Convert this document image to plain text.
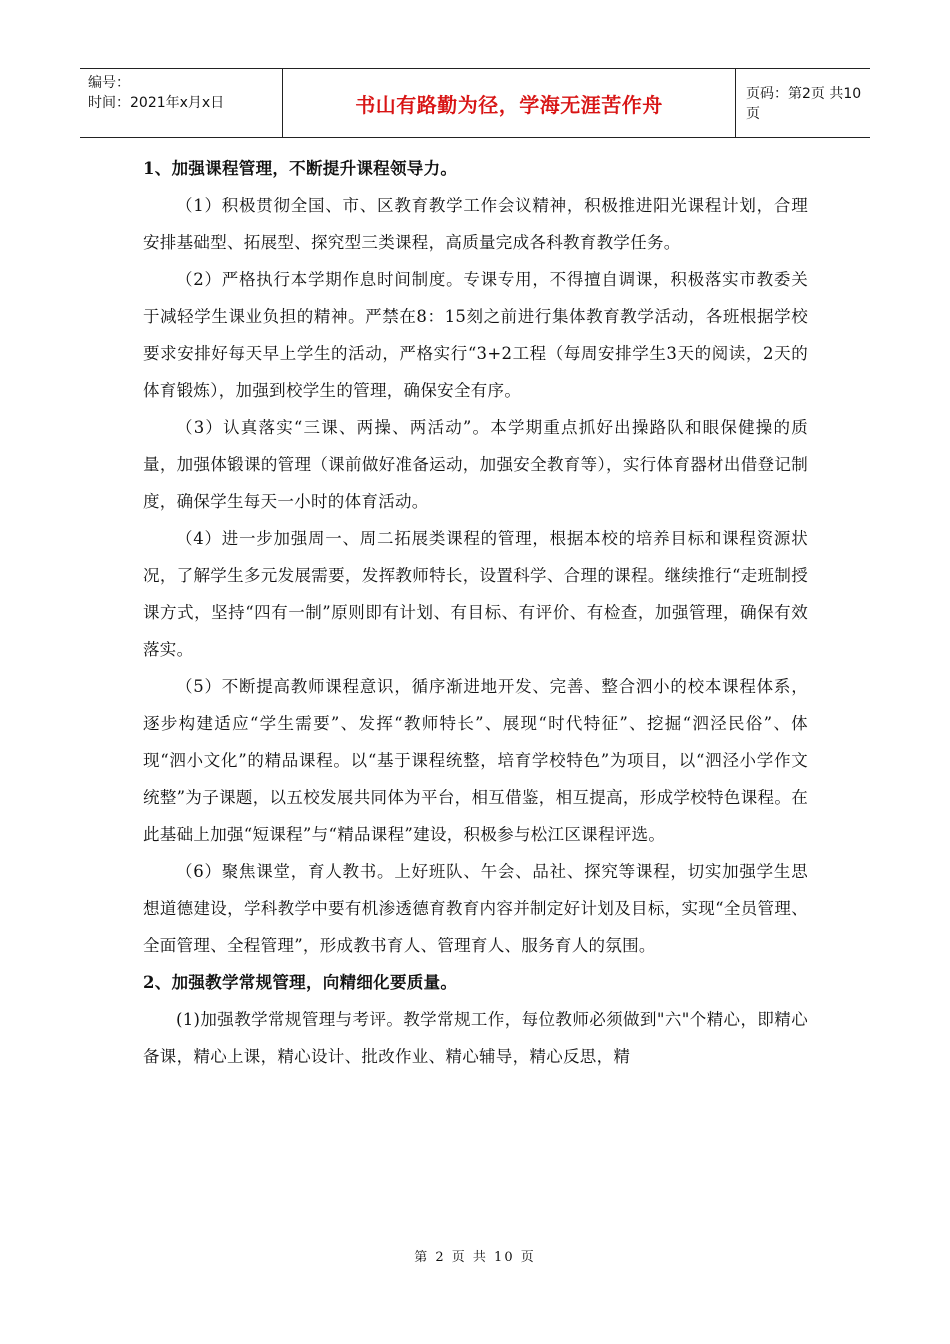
编号：
时间：2021年x月x日	书山有路勤为径，学海无涯苦作舟	页码：第2页 共10页

1、加强课程管理，不断提升课程领导力。

（1）积极贯彻全国、市、区教育教学工作会议精神，积极推进阳光课程计划，合理安排基础型、拓展型、探究型三类课程，高质量完成各科教育教学任务。

（2）严格执行本学期作息时间制度。专课专用，不得擅自调课，积极落实市教委关于减轻学生课业负担的精神。严禁在8：15刻之前进行集体教育教学活动，各班根据学校要求安排好每天早上学生的活动，严格实行“3+2工程（每周安排学生3天的阅读，2天的体育锻炼），加强到校学生的管理，确保安全有序。

（3）认真落实“三课、两操、两活动”。本学期重点抓好出操路队和眼保健操的质量，加强体锻课的管理（课前做好准备运动，加强安全教育等），实行体育器材出借登记制度，确保学生每天一小时的体育活动。

（4）进一步加强周一、周二拓展类课程的管理，根据本校的培养目标和课程资源状况，了解学生多元发展需要，发挥教师特长，设置科学、合理的课程。继续推行“走班制授课方式，坚持“四有一制”原则即有计划、有目标、有评价、有检查，加强管理，确保有效落实。

（5）不断提高教师课程意识，循序渐进地开发、完善、整合泗小的校本课程体系，逐步构建适应“学生需要”、发挥“教师特长”、展现“时代特征”、挖掘“泗泾民俗”、体现“泗小文化”的精品课程。以“基于课程统整，培育学校特色”为项目，以“泗泾小学作文统整”为子课题，以五校发展共同体为平台，相互借鉴，相互提高，形成学校特色课程。在此基础上加强“短课程”与“精品课程”建设，积极参与松江区课程评选。

（6）聚焦课堂，育人教书。上好班队、午会、品社、探究等课程，切实加强学生思想道德建设，学科教学中要有机渗透德育教育内容并制定好计划及目标，实现“全员管理、全面管理、全程管理”，形成教书育人、管理育人、服务育人的氛围。

2、加强教学常规管理，向精细化要质量。

(1)加强教学常规管理与考评。教学常规工作，每位教师必须做到"六"个精心，即精心备课，精心上课，精心设计、批改作业、精心辅导，精心反思，精

第 2 页 共 10 页
